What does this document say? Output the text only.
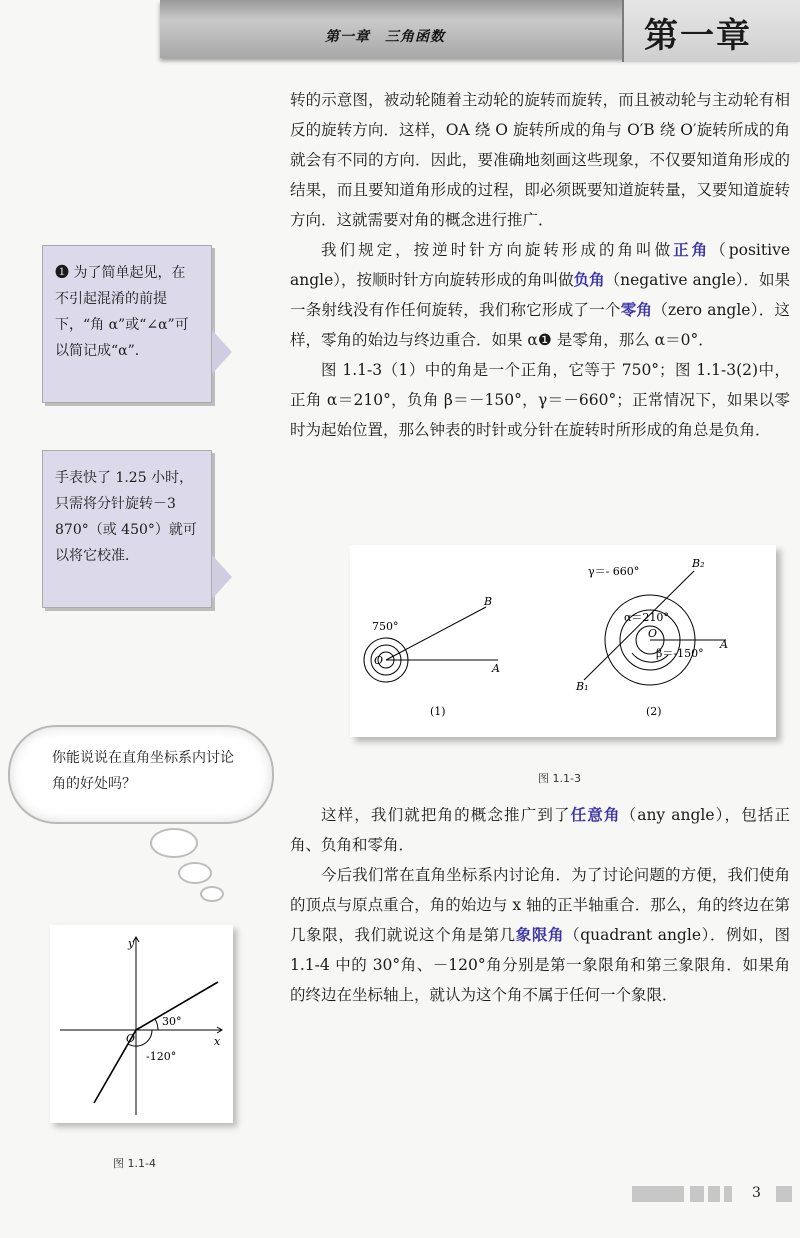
第一章　三角函数	第一章

转的示意图，被动轮随着主动轮的旋转而旋转，而且被动轮与主动轮有相反的旋转方向．这样，OA 绕 O 旋转所成的角与 O′B 绕 O′旋转所成的角就会有不同的方向．因此，要准确地刻画这些现象，不仅要知道角形成的结果，而且要知道角形成的过程，即必须既要知道旋转量，又要知道旋转方向．这就需要对角的概念进行推广．

我们规定，按逆时针方向旋转形成的角叫做正角（positive angle），按顺时针方向旋转形成的角叫做负角（negative angle）．如果一条射线没有作任何旋转，我们称它形成了一个零角（zero angle）．这样，零角的始边与终边重合．如果 α❶ 是零角，那么 α＝0°．

图 1.1-3（1）中的角是一个正角，它等于 750°；图 1.1-3(2)中，正角 α＝210°，负角 β＝－150°，γ＝－660°；正常情况下，如果以零时为起始位置，那么钟表的时针或分针在旋转时所形成的角总是负角．

这样，我们就把角的概念推广到了任意角（any angle），包括正角、负角和零角．

今后我们常在直角坐标系内讨论角．为了讨论问题的方便，我们使角的顶点与原点重合，角的始边与 x 轴的正半轴重合．那么，角的终边在第几象限，我们就说这个角是第几象限角（quadrant angle）．例如，图 1.1-4 中的 30°角、－120°角分别是第一象限角和第三象限角．如果角的终边在坐标轴上，就认为这个角不属于任何一个象限．

❶ 为了简单起见，在不引起混淆的前提下，“角 α”或“∠α”可以简记成“α”．
手表快了 1.25 小时，只需将分针旋转－3 870°（或 450°）就可以将它校准．
你能说说在直角坐标系内讨论角的好处吗？
750°
O
A
B
(1)
γ＝- 660°
α＝210°
β＝-150°
O
A
B₂
B₁
(2)
图 1.1-3
y
x
O
30°
-120°
图 1.1-4
3
